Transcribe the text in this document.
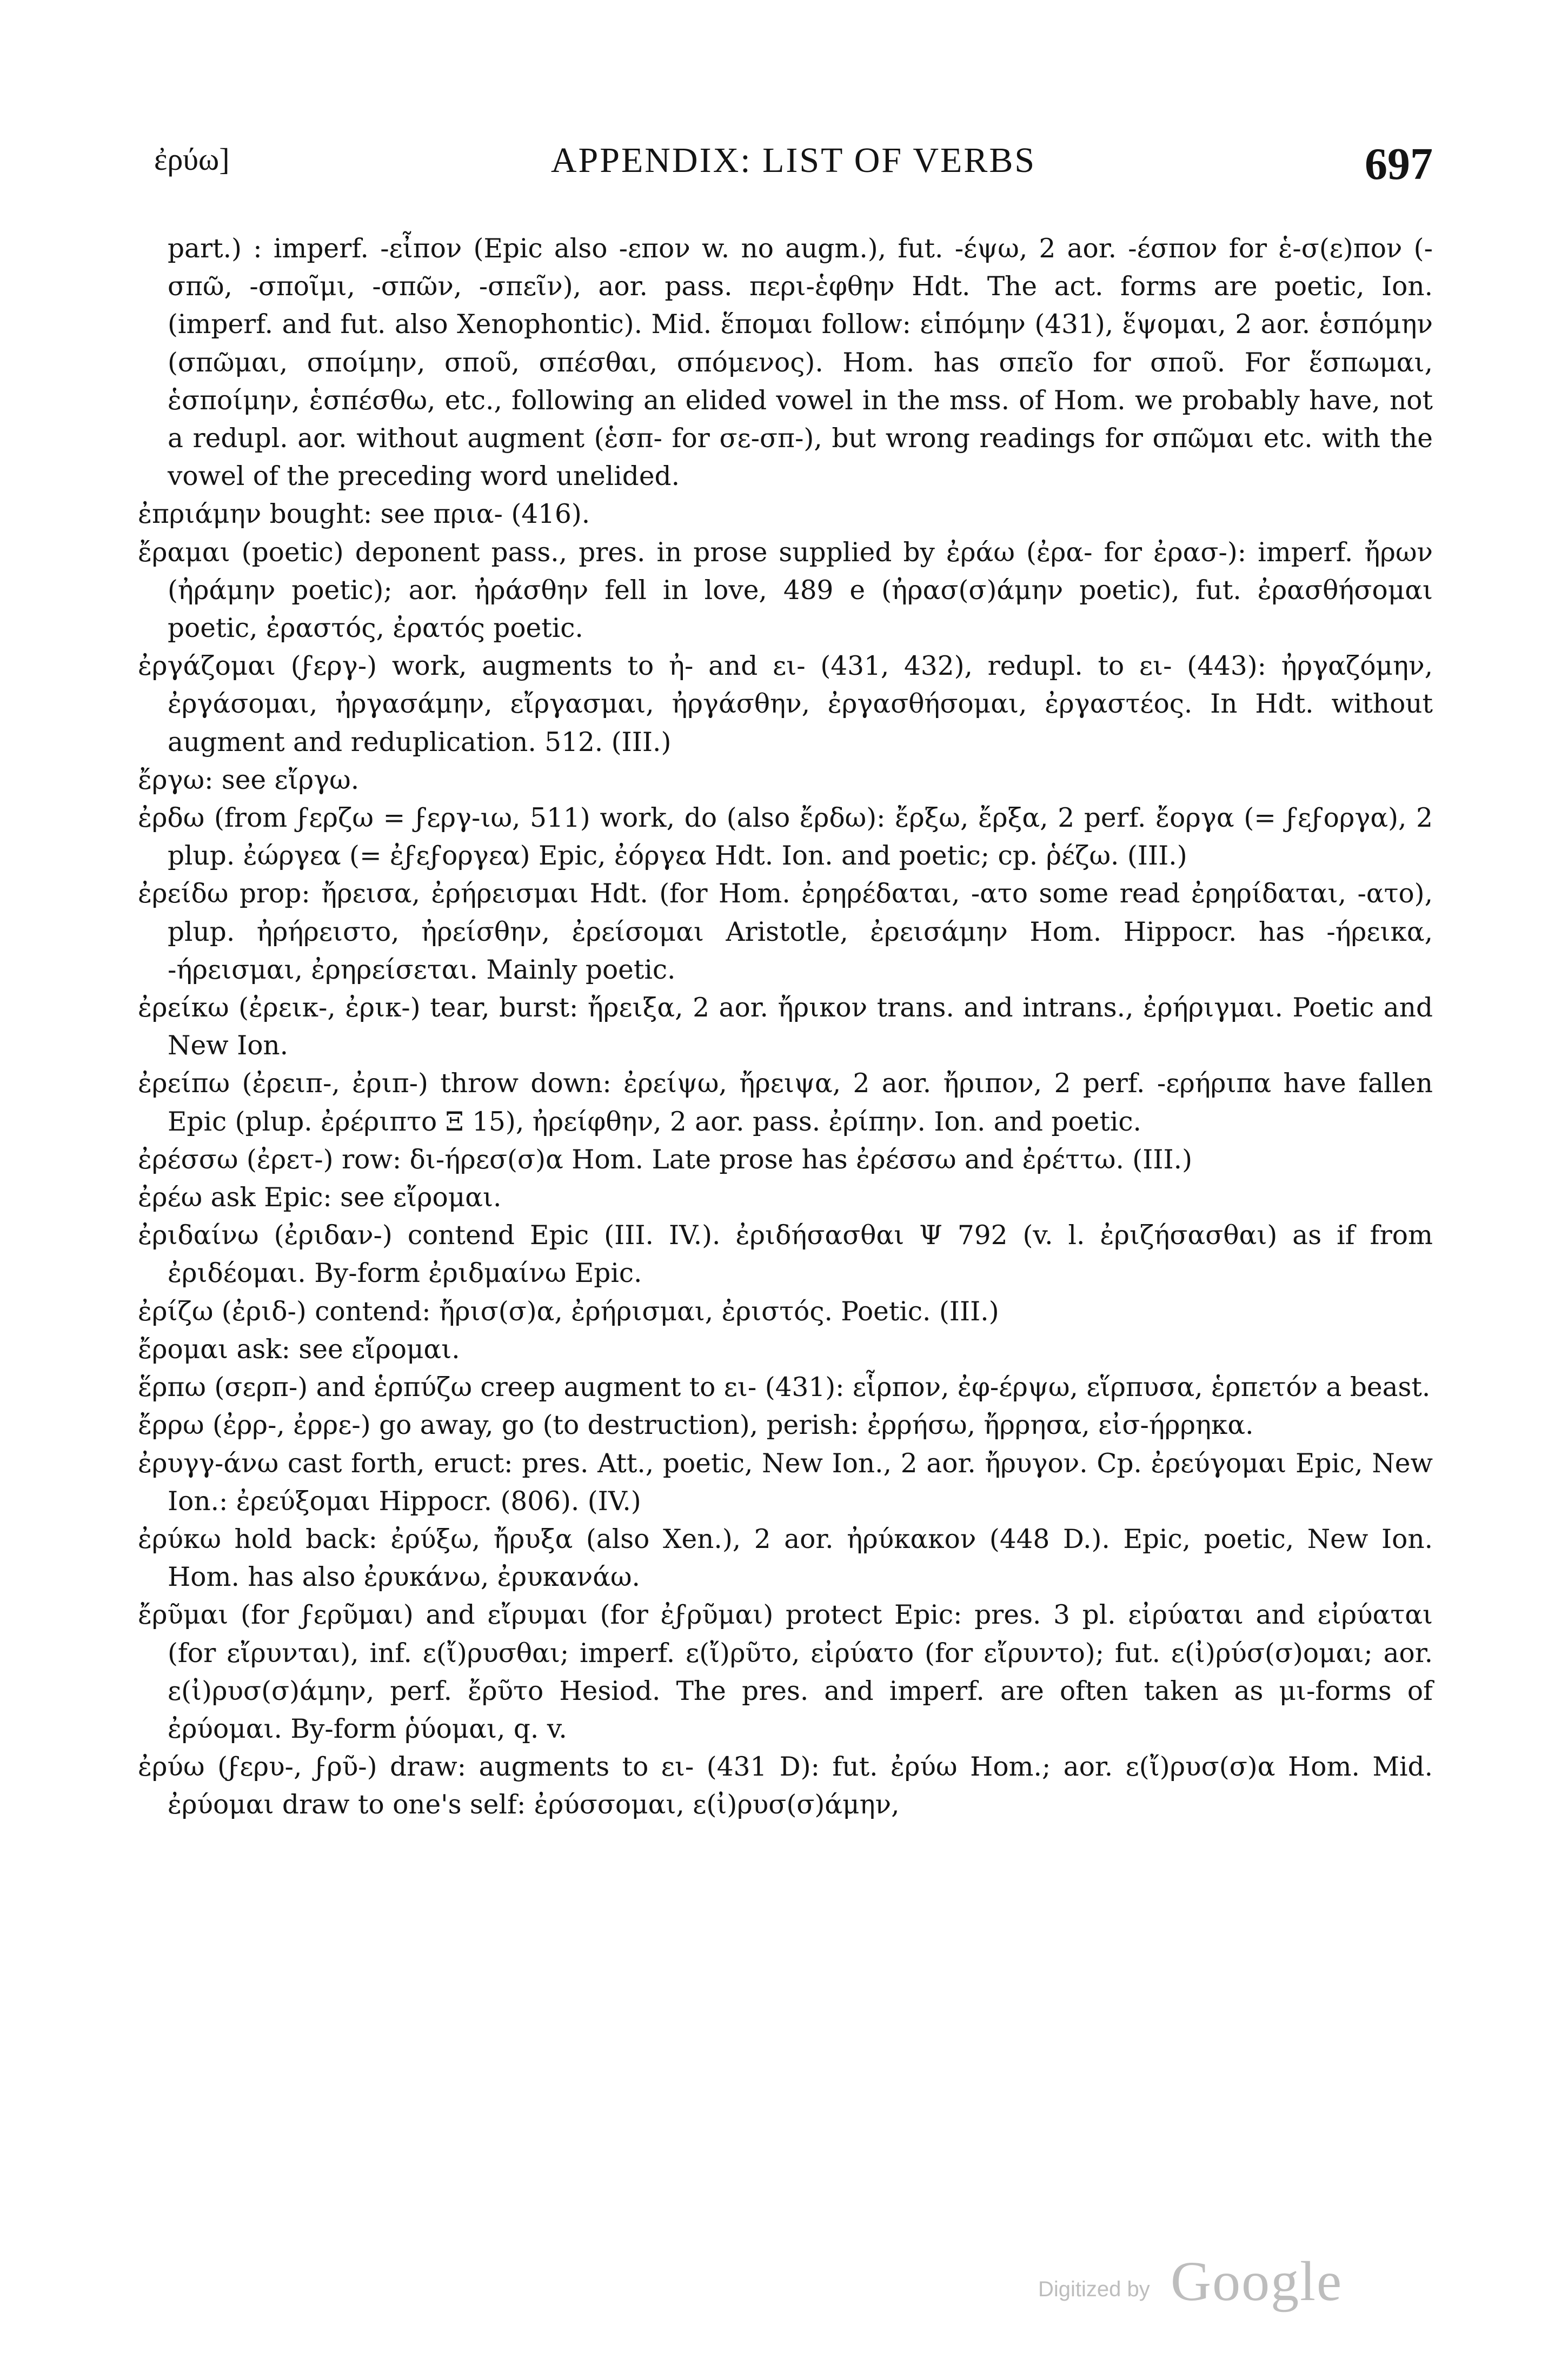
ἐρύω]	APPENDIX: LIST OF VERBS	697

part.) : imperf. -εἶπον (Epic also -επον w. no augm.), fut. -έψω, 2 aor. -έσπον for ἑ-σ(ε)πον (-σπῶ, -σποῖμι, -σπῶν, -σπεῖν), aor. pass. περι-ἑφθην Hdt. The act. forms are poetic, Ion. (imperf. and fut. also Xenophontic). Mid. ἕπομαι follow: εἱπόμην (431), ἕψομαι, 2 aor. ἑσπόμην (σπῶμαι, σποίμην, σποῦ, σπέσθαι, σπόμενος). Hom. has σπεῖο for σποῦ. For ἕσπωμαι, ἑσποίμην, ἑσπέσθω, etc., following an elided vowel in the mss. of Hom. we probably have, not a redupl. aor. without augment (ἑσπ- for σε-σπ-), but wrong readings for σπῶμαι etc. with the vowel of the preceding word unelided.

ἐπριάμην bought: see πρια- (416).

ἔραμαι (poetic) deponent pass., pres. in prose supplied by ἐράω (ἐρα- for ἐρασ-): imperf. ἤρων (ἠράμην poetic); aor. ἠράσθην fell in love, 489 e (ἠρασ(σ)άμην poetic), fut. ἐρασθήσομαι poetic, ἐραστός, ἐρατός poetic.

ἐργάζομαι (ϝεργ-) work, augments to ἠ- and ει- (431, 432), redupl. to ει- (443): ἠργαζόμην, ἐργάσομαι, ἠργασάμην, εἴργασμαι, ἠργάσθην, ἐργασθήσομαι, ἐργαστέος. In Hdt. without augment and reduplication. 512. (III.)

ἔργω: see εἴργω.

ἐρδω (from ϝερζω = ϝεργ-ιω, 511) work, do (also ἔρδω): ἔρξω, ἔρξα, 2 perf. ἔοργα (= ϝεϝοργα), 2 plup. ἐώργεα (= ἐϝεϝοργεα) Epic, ἐόργεα Hdt. Ion. and poetic; cp. ῥέζω. (III.)

ἐρείδω prop: ἤρεισα, ἐρήρεισμαι Hdt. (for Hom. ἐρηρέδαται, -ατο some read ἐρηρίδαται, -ατο), plup. ἠρήρειστο, ἠρείσθην, ἐρείσομαι Aristotle, ἐρεισάμην Hom. Hippocr. has -ήρεικα, -ήρεισμαι, ἐρηρείσεται. Mainly poetic.

ἐρείκω (ἐρεικ-, ἐρικ-) tear, burst: ἤρειξα, 2 aor. ἤρικον trans. and intrans., ἐρήριγμαι. Poetic and New Ion.

ἐρείπω (ἐρειπ-, ἐριπ-) throw down: ἐρείψω, ἤρειψα, 2 aor. ἤριπον, 2 perf. -ερήριπα have fallen Epic (plup. ἐρέριπτο Ξ 15), ἠρείφθην, 2 aor. pass. ἐρίπην. Ion. and poetic.

ἐρέσσω (ἐρετ-) row: δι-ήρεσ(σ)α Hom. Late prose has ἐρέσσω and ἐρέττω. (III.)

ἐρέω ask Epic: see εἴρομαι.

ἐριδαίνω (ἐριδαν-) contend Epic (III. IV.). ἐριδήσασθαι Ψ 792 (v. l. ἐριζήσασθαι) as if from ἐριδέομαι. By-form ἐριδμαίνω Epic.

ἐρίζω (ἐριδ-) contend: ἤρισ(σ)α, ἐρήρισμαι, ἐριστός. Poetic. (III.)

ἔρομαι ask: see εἴρομαι.

ἕρπω (σερπ-) and ἑρπύζω creep augment to ει- (431): εἷρπον, ἐφ-έρψω, εἵρπυσα, ἑρπετόν a beast.

ἔρρω (ἐρρ-, ἐρρε-) go away, go (to destruction), perish: ἐρρήσω, ἤρρησα, εἰσ-ήρρηκα.

ἐρυγγ-άνω cast forth, eruct: pres. Att., poetic, New Ion., 2 aor. ἤρυγον. Cp. ἐρεύγομαι Epic, New Ion.: ἐρεύξομαι Hippocr. (806). (IV.)

ἐρύκω hold back: ἐρύξω, ἤρυξα (also Xen.), 2 aor. ἠρύκακον (448 D.). Epic, poetic, New Ion. Hom. has also ἐρυκάνω, ἐρυκανάω.

ἔρῦμαι (for ϝερῦμαι) and εἴρυμαι (for ἐϝρῦμαι) protect Epic: pres. 3 pl. εἰρύαται and εἰρύαται (for εἴρυνται), inf. ε(ἴ)ρυσθαι; imperf. ε(ἴ)ρῦτο, εἰρύατο (for εἴρυντο); fut. ε(ἰ)ρύσ(σ)ομαι; aor. ε(ἰ)ρυσ(σ)άμην, perf. ἔρῦτο Hesiod. The pres. and imperf. are often taken as μι-forms of ἐρύομαι. By-form ῥύομαι, q. v.

ἐρύω (ϝερυ-, ϝρῦ-) draw: augments to ει- (431 D): fut. ἐρύω Hom.; aor. ε(ἴ)ρυσ(σ)α Hom. Mid. ἐρύομαι draw to one's self: ἐρύσσομαι, ε(ἰ)ρυσ(σ)άμην,

Digitized by Google
